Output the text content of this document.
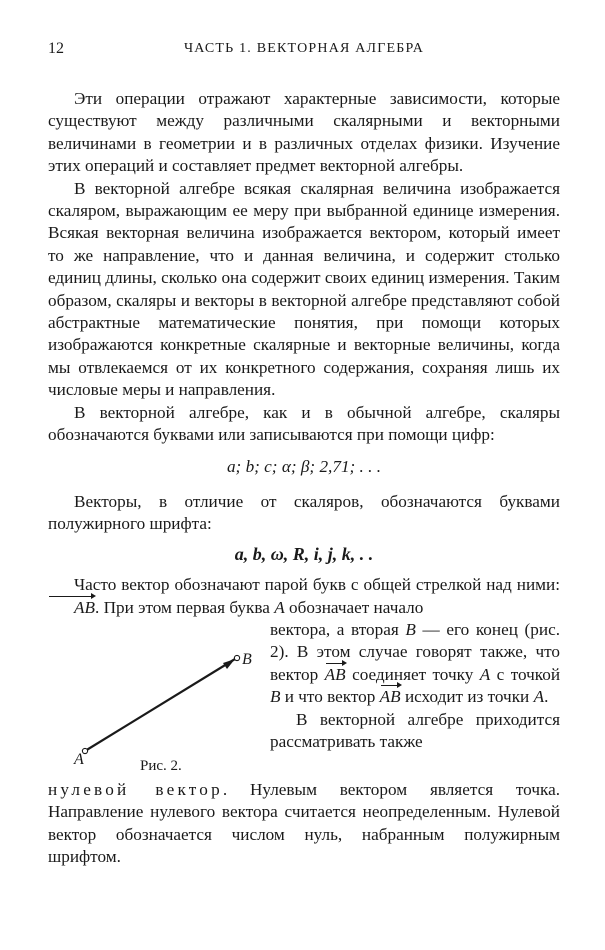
12	ЧАСТЬ 1. ВЕКТОРНАЯ АЛГЕБРА

Эти операции отражают характерные зависимости, которые существуют между различными скалярными и векторными величинами в геометрии и в различных отделах физики. Изучение этих операций и составляет предмет векторной алгебры.

В векторной алгебре всякая скалярная величина изображается скаляром, выражающим ее меру при выбранной единице измерения. Всякая векторная величина изображается вектором, который имеет то же направление, что и данная величина, и содержит столько единиц длины, сколько она содержит своих единиц измерения. Таким образом, скаляры и векторы в векторной алгебре представляют собой абстрактные математические понятия, при помощи которых изображаются конкретные скалярные и векторные величины, когда мы отвлекаемся от их конкретного содержания, сохраняя лишь их числовые меры и направления.

В векторной алгебре, как и в обычной алгебре, скаляры обозначаются буквами или записываются при помощи цифр:

a; b; c; α; β; 2,71; . . .

Векторы, в отличие от скаляров, обозначаются буквами полужирного шрифта:

a, b, ω, R, i, j, k, . .

Часто вектор обозначают парой букв с общей стрелкой над ними: AB. При этом первая буква A обозначает начало

A
B
Рис. 2.

вектора, а вторая B — его конец (рис. 2). В этом случае говорят также, что вектор AB соединяет точку A с точкой B и что вектор AB исходит из точки A.

В векторной алгебре приходится рассматривать также

нулевой вектор. Нулевым вектором является точка. Направление нулевого вектора считается неопределенным. Нулевой вектор обозначается числом нуль, набранным полужирным шрифтом.
